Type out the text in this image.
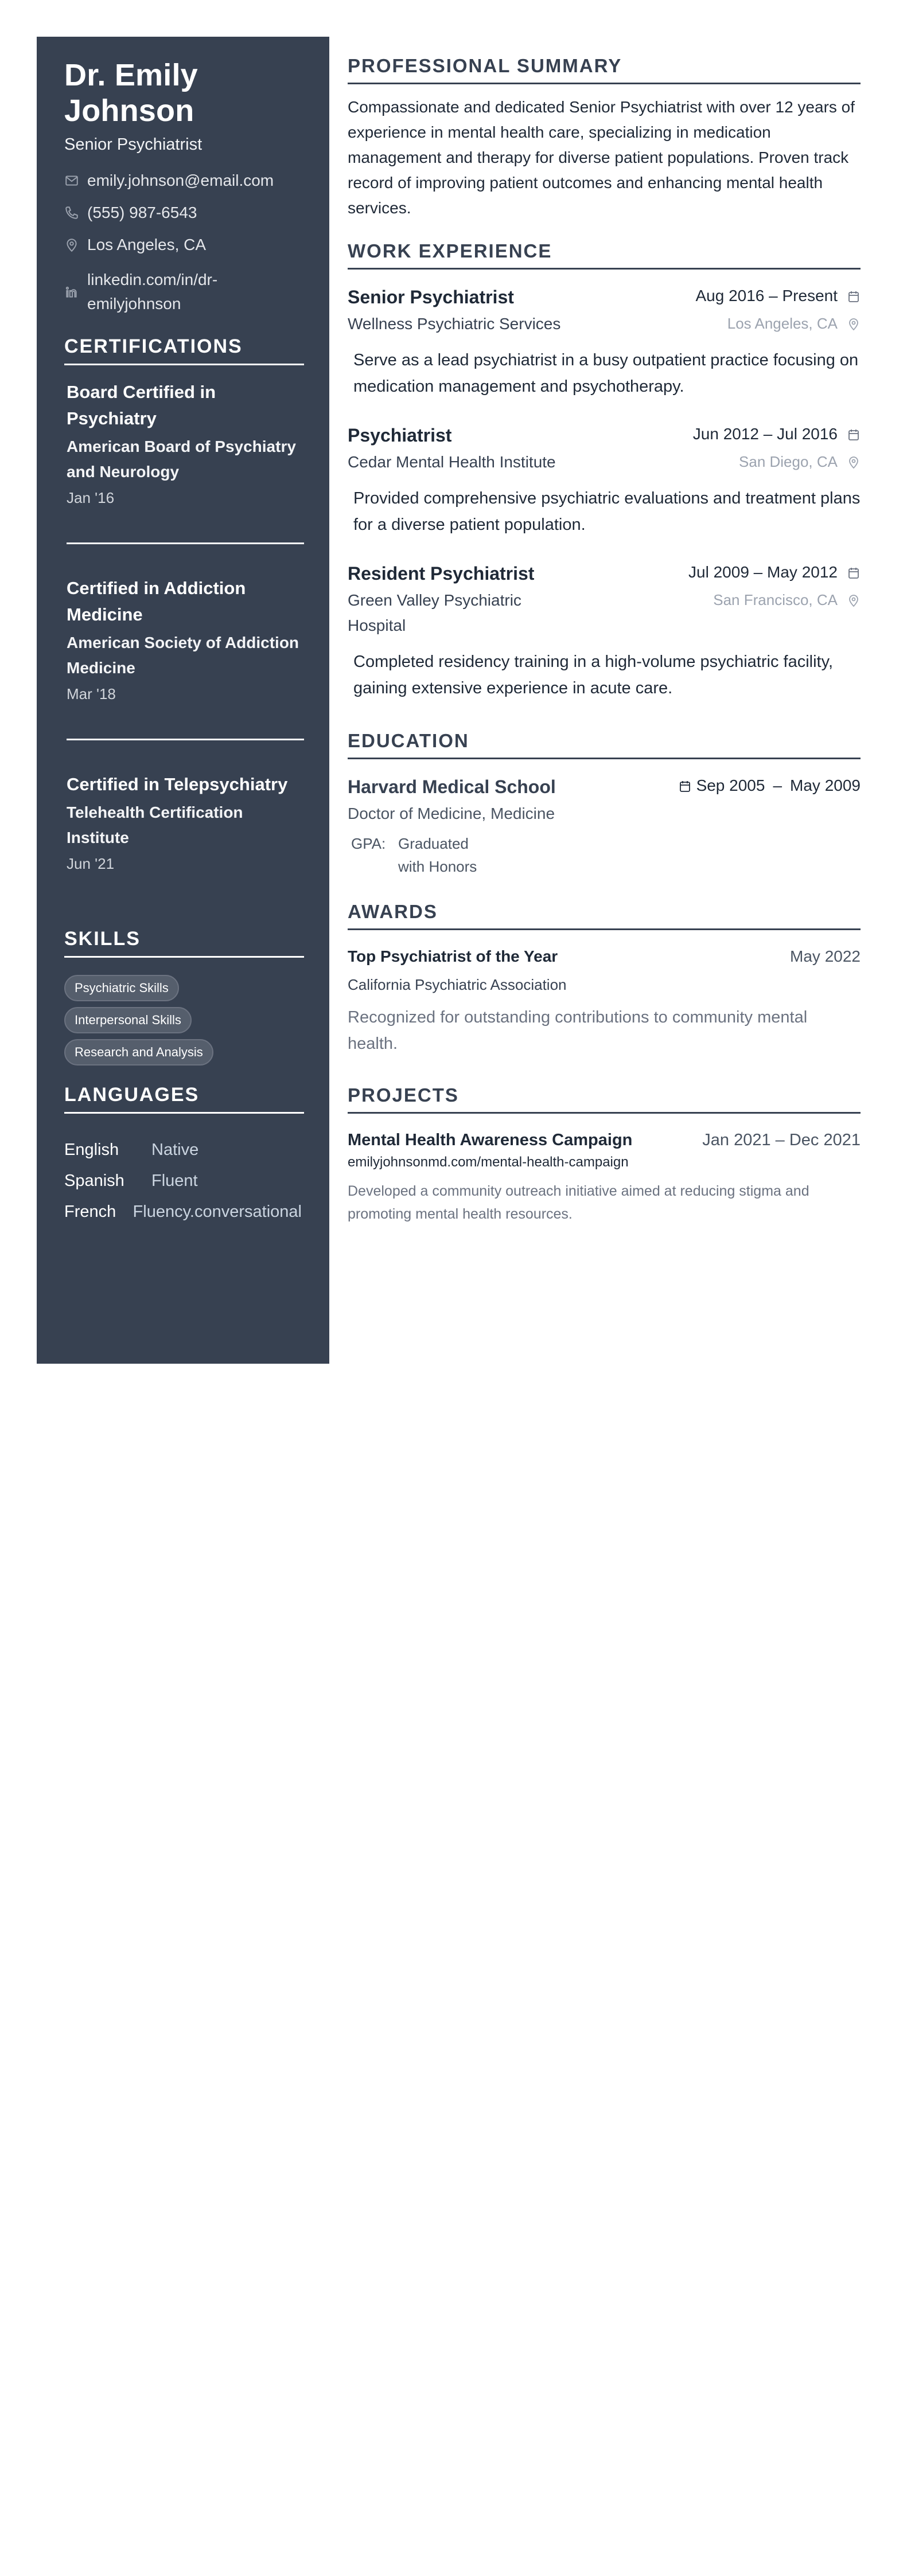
Dr. Emily
Johnson
Senior Psychiatrist
emily.johnson@email.com
(555) 987-6543
Los Angeles, CA
linkedin.com/in/dr-
emilyjohnson
CERTIFICATIONS
Board Certified in Psychiatry
American Board of Psychiatry and Neurology
Jan '16
Certified in Addiction Medicine
American Society of Addiction Medicine
Mar '18
Certified in Telepsychiatry
Telehealth Certification Institute
Jun '21
SKILLS
Psychiatric Skills
Interpersonal Skills
Research and Analysis
LANGUAGES
English	Native
Spanish	Fluent
French	Fluency.conversational
PROFESSIONAL SUMMARY

Compassionate and dedicated Senior Psychiatrist with over 12 years of experience in mental health care, specializing in medication management and therapy for diverse patient populations. Proven track record of improving patient outcomes and enhancing mental health services.

WORK EXPERIENCE
Senior Psychiatrist	Aug 2016 – Present
Wellness Psychiatric Services	Los Angeles, CA

Serve as a lead psychiatrist in a busy outpatient practice focusing on medication management and psychotherapy.

Psychiatrist	Jun 2012 – Jul 2016
Cedar Mental Health Institute	San Diego, CA

Provided comprehensive psychiatric evaluations and treatment plans for a diverse patient population.

Resident Psychiatrist	Jul 2009 – May 2012
Green Valley Psychiatric Hospital
San Francisco, CA

Completed residency training in a high-volume psychiatric facility, gaining extensive experience in acute care.

EDUCATION
Harvard Medical School	Sep 2005 – May 2009
Doctor of Medicine, Medicine
GPA: Graduated with Honors
AWARDS
Top Psychiatrist of the Year	May 2022
California Psychiatric Association

Recognized for outstanding contributions to community mental health.

PROJECTS
Mental Health Awareness Campaign	Jan 2021 – Dec 2021
emilyjohnsonmd.com/mental-health-campaign

Developed a community outreach initiative aimed at reducing stigma and promoting mental health resources.
